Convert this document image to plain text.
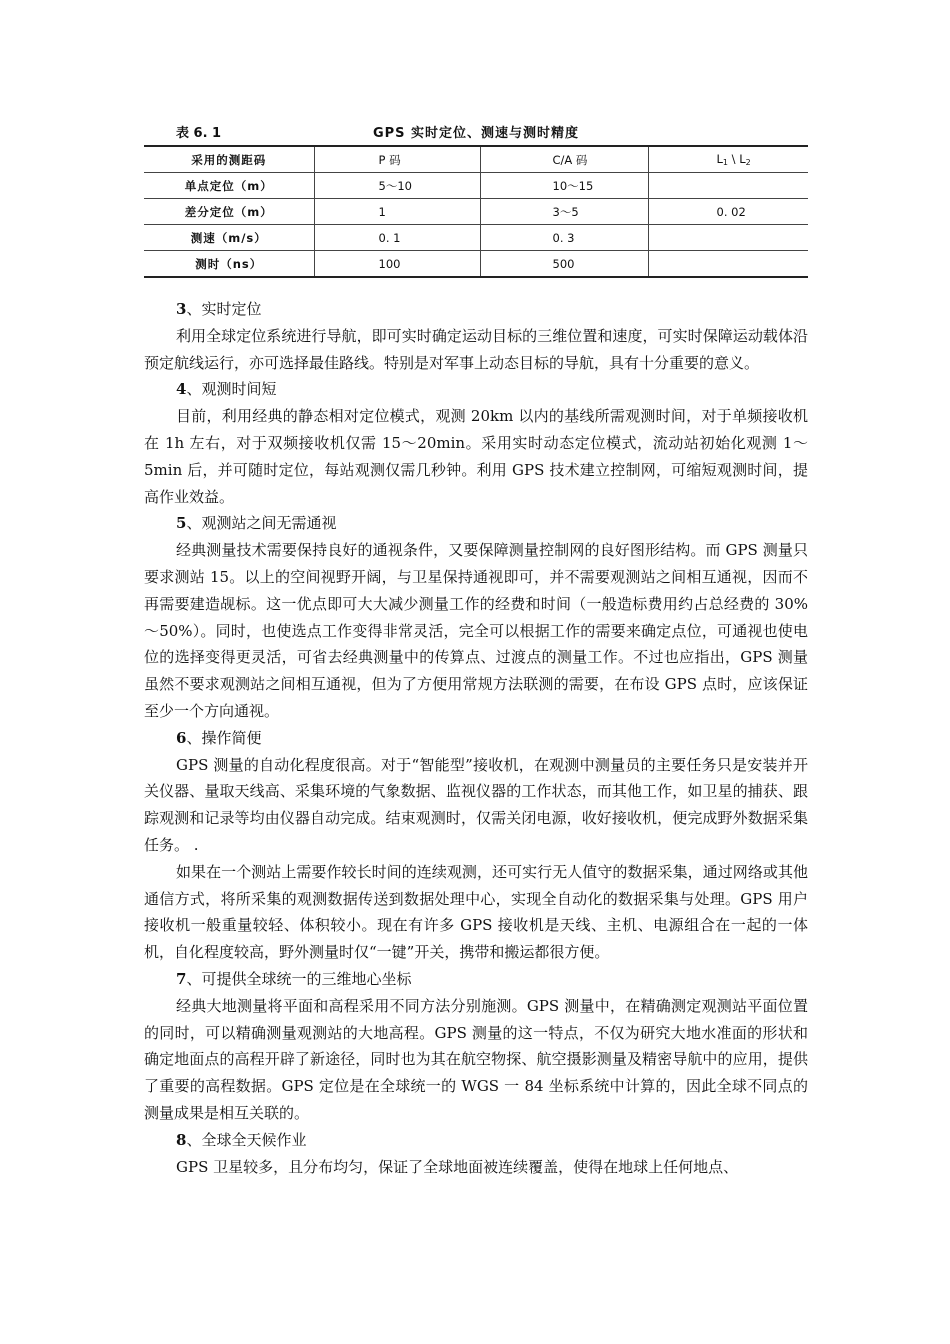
表 6. 1	GPS 实时定位、测速与测时精度
采用的测距码	P 码	C/A 码	$L_1$ \ $L_2$
单点定位（m）	5～10	10～15	
差分定位（m）	1	3～5	0. 02
测速（m/s）	0. 1	0. 3	
测时（ns）	100	500	

3、实时定位

利用全球定位系统进行导航，即可实时确定运动目标的三维位置和速度，可实时保障运动载体沿预定航线运行，亦可选择最佳路线。特别是对军事上动态目标的导航，具有十分重要的意义。

4、观测时间短

目前，利用经典的静态相对定位模式，观测 20km 以内的基线所需观测时间，对于单频接收机在 1h 左右，对于双频接收机仅需 15～20min。采用实时动态定位模式，流动站初始化观测 1～5min 后，并可随时定位，每站观测仅需几秒钟。利用 GPS 技术建立控制网，可缩短观测时间，提高作业效益。

5、观测站之间无需通视

经典测量技术需要保持良好的通视条件，又要保障测量控制网的良好图形结构。而 GPS 测量只要求测站 15。以上的空间视野开阔，与卫星保持通视即可，并不需要观测站之间相互通视，因而不再需要建造觇标。这一优点即可大大减少测量工作的经费和时间（一般造标费用约占总经费的 30%～50%）。同时，也使选点工作变得非常灵活，完全可以根据工作的需要来确定点位，可通视也使电位的选择变得更灵活，可省去经典测量中的传算点、过渡点的测量工作。不过也应指出，GPS 测量虽然不要求观测站之间相互通视，但为了方便用常规方法联测的需要，在布设 GPS 点时，应该保证至少一个方向通视。

6、操作简便

GPS 测量的自动化程度很高。对于“智能型”接收机，在观测中测量员的主要任务只是安装并开关仪器、量取天线高、采集环境的气象数据、监视仪器的工作状态，而其他工作，如卫星的捕获、跟踪观测和记录等均由仪器自动完成。结束观测时，仅需关闭电源，收好接收机，便完成野外数据采集任务。 .

如果在一个测站上需要作较长时间的连续观测，还可实行无人值守的数据采集，通过网络或其他通信方式，将所采集的观测数据传送到数据处理中心，实现全自动化的数据采集与处理。GPS 用户接收机一般重量较轻、体积较小。现在有许多 GPS 接收机是天线、主机、电源组合在一起的一体机，自化程度较高，野外测量时仅“一键”开关，携带和搬运都很方便。

7、可提供全球统一的三维地心坐标

经典大地测量将平面和高程采用不同方法分别施测。GPS 测量中，在精确测定观测站平面位置的同时，可以精确测量观测站的大地高程。GPS 测量的这一特点，不仅为研究大地水准面的形状和确定地面点的高程开辟了新途径，同时也为其在航空物探、航空摄影测量及精密导航中的应用，提供了重要的高程数据。GPS 定位是在全球统一的 WGS 一 84 坐标系统中计算的，因此全球不同点的测量成果是相互关联的。

8、全球全天候作业

GPS 卫星较多，且分布均匀，保证了全球地面被连续覆盖，使得在地球上任何地点、
